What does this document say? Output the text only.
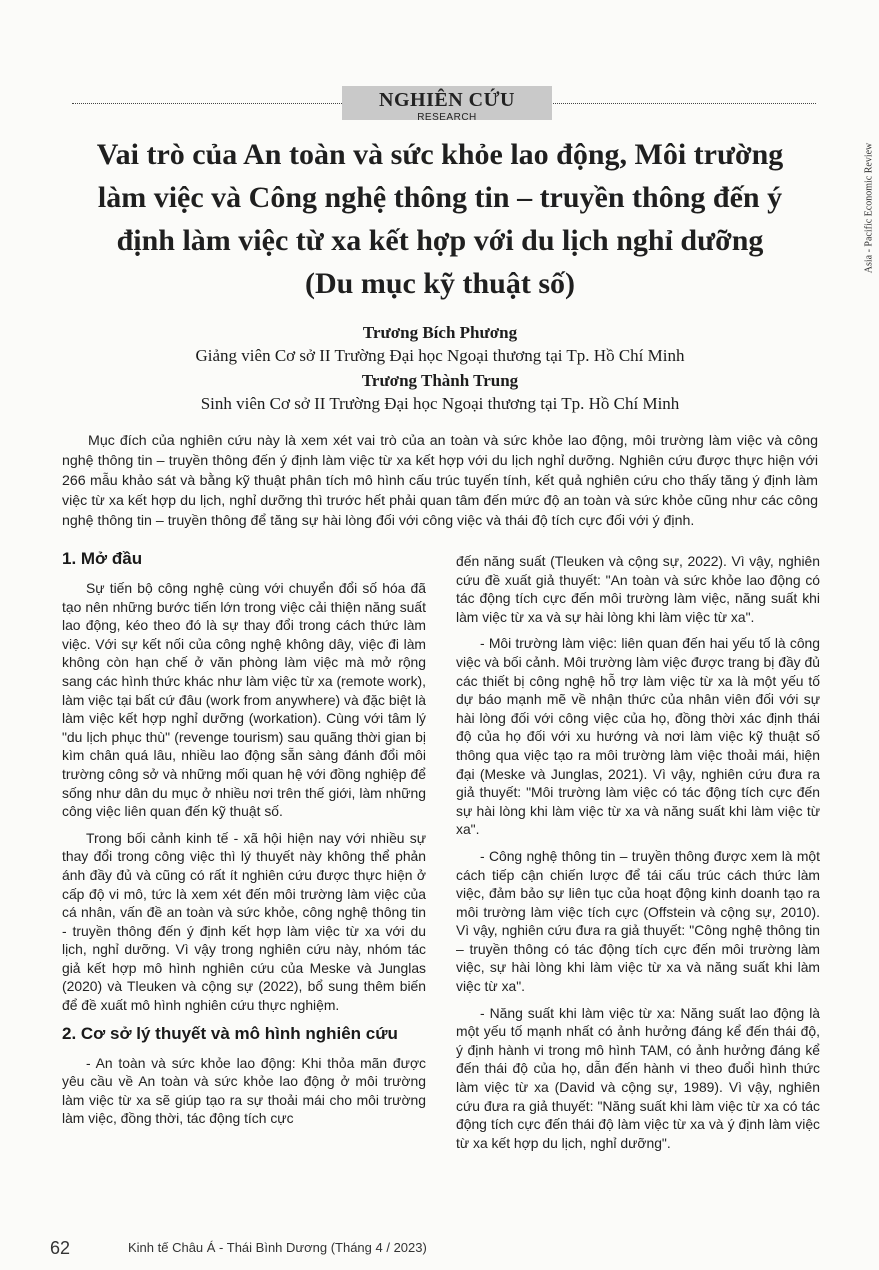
NGHIÊN CỨU
RESEARCH
Asia - Pacific Economic Review
Vai trò của An toàn và sức khỏe lao động, Môi trường
làm việc và Công nghệ thông tin – truyền thông đến ý
định làm việc từ xa kết hợp với du lịch nghỉ dưỡng
(Du mục kỹ thuật số)
Trương Bích Phương
Giảng viên Cơ sở II Trường Đại học Ngoại thương tại Tp. Hồ Chí Minh
Trương Thành Trung
Sinh viên Cơ sở II Trường Đại học Ngoại thương tại Tp. Hồ Chí Minh

Mục đích của nghiên cứu này là xem xét vai trò của an toàn và sức khỏe lao động, môi trường làm việc và công nghệ thông tin – truyền thông đến ý định làm việc từ xa kết hợp với du lịch nghỉ dưỡng. Nghiên cứu được thực hiện với 266 mẫu khảo sát và bằng kỹ thuật phân tích mô hình cấu trúc tuyến tính, kết quả nghiên cứu cho thấy tăng ý định làm việc từ xa kết hợp du lịch, nghỉ dưỡng thì trước hết phải quan tâm đến mức độ an toàn và sức khỏe cũng như các công nghệ thông tin – truyền thông để tăng sự hài lòng đối với công việc và thái độ tích cực đối với ý định.

1. Mở đầu

Sự tiến bộ công nghệ cùng với chuyển đổi số hóa đã tạo nên những bước tiến lớn trong việc cải thiện năng suất lao động, kéo theo đó là sự thay đổi trong cách thức làm việc. Với sự kết nối của công nghệ không dây, việc đi làm không còn hạn chế ở văn phòng làm việc mà mở rộng sang các hình thức khác như làm việc từ xa (remote work), làm việc tại bất cứ đâu (work from anywhere) và đặc biệt là làm việc kết hợp nghỉ dưỡng (workation). Cùng với tâm lý "du lịch phục thù" (revenge tourism) sau quãng thời gian bị kìm chân quá lâu, nhiều lao động sẵn sàng đánh đổi môi trường công sở và những mối quan hệ với đồng nghiệp để sống như dân du mục ở nhiều nơi trên thế giới, làm những công việc liên quan đến kỹ thuật số.

Trong bối cảnh kinh tế - xã hội hiện nay với nhiều sự thay đổi trong công việc thì lý thuyết này không thể phản ánh đầy đủ và cũng có rất ít nghiên cứu được thực hiện ở cấp độ vi mô, tức là xem xét đến môi trường làm việc của cá nhân, vấn đề an toàn và sức khỏe, công nghệ thông tin - truyền thông đến ý định kết hợp làm việc từ xa với du lịch, nghỉ dưỡng. Vì vậy trong nghiên cứu này, nhóm tác giả kết hợp mô hình nghiên cứu của Meske và Junglas (2020) và Tleuken và cộng sự (2022), bổ sung thêm biến để đề xuất mô hình nghiên cứu thực nghiệm.

2. Cơ sở lý thuyết và mô hình nghiên cứu

- An toàn và sức khỏe lao động: Khi thỏa mãn được yêu cầu về An toàn và sức khỏe lao động ở môi trường làm việc từ xa sẽ giúp tạo ra sự thoải mái cho môi trường làm việc, đồng thời, tác động tích cực

đến năng suất (Tleuken và cộng sự, 2022). Vì vậy, nghiên cứu đề xuất giả thuyết: "An toàn và sức khỏe lao động có tác động tích cực đến môi trường làm việc, năng suất khi làm việc từ xa và sự hài lòng khi làm việc từ xa".

- Môi trường làm việc: liên quan đến hai yếu tố là công việc và bối cảnh. Môi trường làm việc được trang bị đầy đủ các thiết bị công nghệ hỗ trợ làm việc từ xa là một yếu tố dự báo mạnh mẽ về nhận thức của nhân viên đối với sự hài lòng đối với công việc của họ, đồng thời xác định thái độ của họ đối với xu hướng và nơi làm việc kỹ thuật số thông qua việc tạo ra môi trường làm việc thoải mái, hiện đại (Meske và Junglas, 2021). Vì vậy, nghiên cứu đưa ra giả thuyết: "Môi trường làm việc có tác động tích cực đến sự hài lòng khi làm việc từ xa và năng suất khi làm việc từ xa".

- Công nghệ thông tin – truyền thông được xem là một cách tiếp cận chiến lược để tái cấu trúc cách thức làm việc, đảm bảo sự liên tục của hoạt động kinh doanh tạo ra môi trường làm việc tích cực (Offstein và cộng sự, 2010). Vì vậy, nghiên cứu đưa ra giả thuyết: "Công nghệ thông tin – truyền thông có tác động tích cực đến môi trường làm việc, sự hài lòng khi làm việc từ xa và năng suất khi làm việc từ xa".

- Năng suất khi làm việc từ xa: Năng suất lao động là một yếu tố mạnh nhất có ảnh hưởng đáng kể đến thái độ, ý định hành vi trong mô hình TAM, có ảnh hưởng đáng kể đến thái độ của họ, dẫn đến hành vi theo đuổi hình thức làm việc từ xa (David và cộng sự, 1989). Vì vậy, nghiên cứu đưa ra giả thuyết: "Năng suất khi làm việc từ xa có tác động tích cực đến thái độ làm việc từ xa và ý định làm việc từ xa kết hợp du lịch, nghỉ dưỡng".

62	Kinh tế Châu Á - Thái Bình Dương (Tháng 4 / 2023)
